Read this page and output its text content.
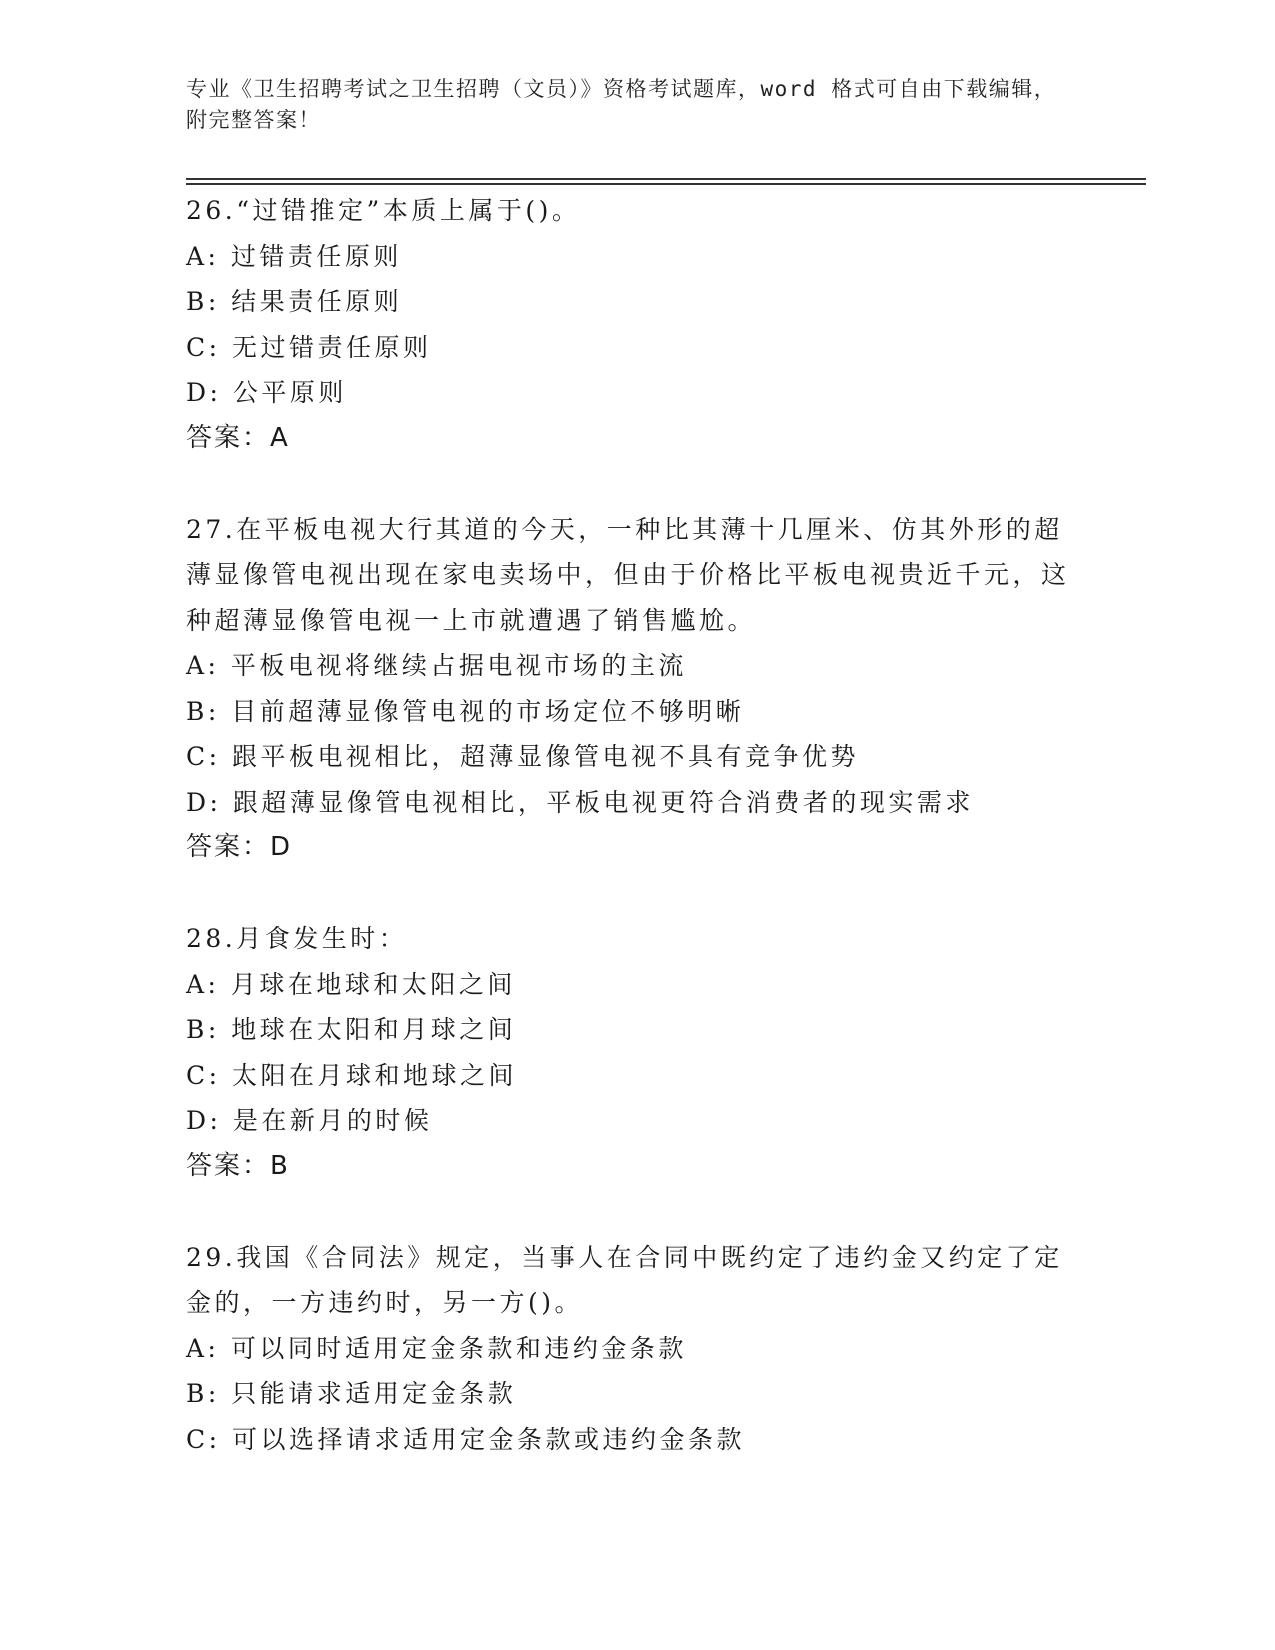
专业《卫生招聘考试之卫生招聘（文员）》资格考试题库，word 格式可自由下载编辑，附完整答案！
26.“过错推定”本质上属于()。
A: 过错责任原则
B: 结果责任原则
C: 无过错责任原则
D: 公平原则
答案：A
27.在平板电视大行其道的今天，一种比其薄十几厘米、仿其外形的超薄显像管电视出现在家电卖场中，但由于价格比平板电视贵近千元，这种超薄显像管电视一上市就遭遇了销售尴尬。
A: 平板电视将继续占据电视市场的主流
B: 目前超薄显像管电视的市场定位不够明晰
C: 跟平板电视相比，超薄显像管电视不具有竞争优势
D: 跟超薄显像管电视相比，平板电视更符合消费者的现实需求
答案：D
28.月食发生时：
A: 月球在地球和太阳之间
B: 地球在太阳和月球之间
C: 太阳在月球和地球之间
D: 是在新月的时候
答案：B
29.我国《合同法》规定，当事人在合同中既约定了违约金又约定了定金的，一方违约时，另一方()。
A: 可以同时适用定金条款和违约金条款
B: 只能请求适用定金条款
C: 可以选择请求适用定金条款或违约金条款
